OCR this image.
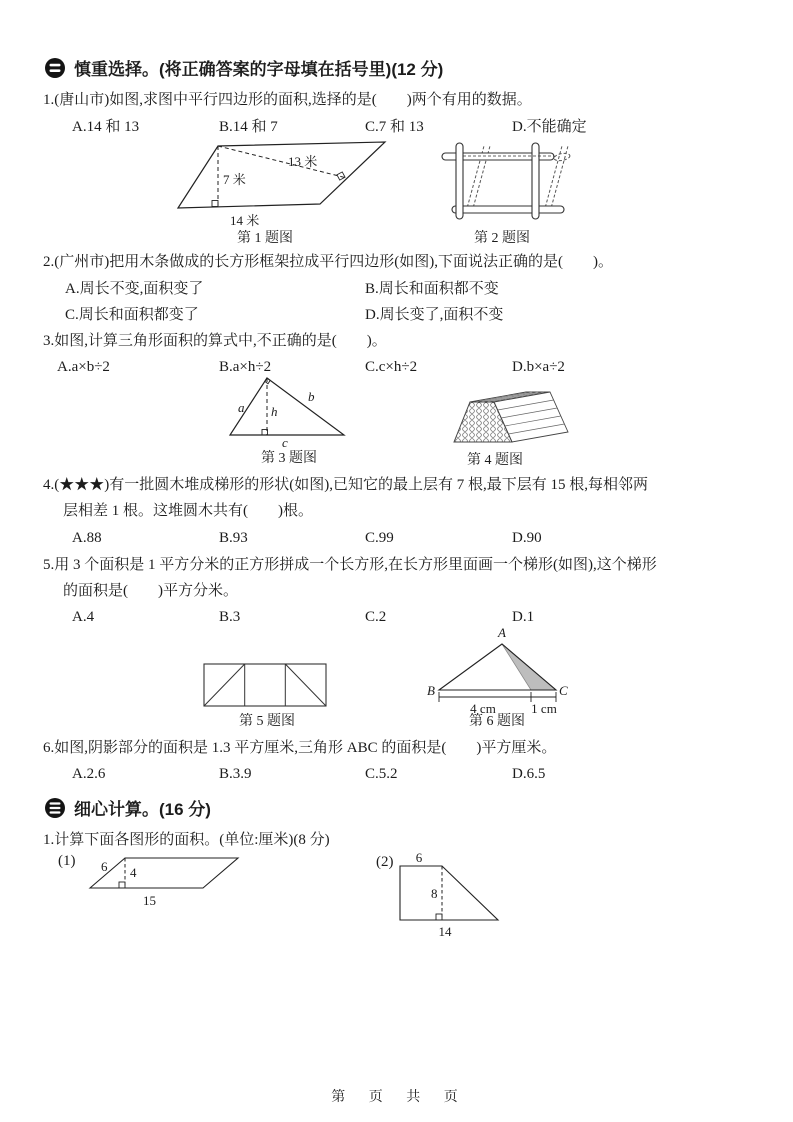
慎重选择。(将正确答案的字母填在括号里)(12 分)
1.(唐山市)如图,求图中平行四边形的面积,选择的是(　　)两个有用的数据。
A.14 和 13	B.14 和 7	C.7 和 13	D.不能确定
7 米
13 米
14 米
第 1 题图	第 2 题图
2.(广州市)把用木条做成的长方形框架拉成平行四边形(如图),下面说法正确的是(　　)。
A.周长不变,面积变了	B.周长和面积都不变
C.周长和面积都变了	D.周长变了,面积不变
3.如图,计算三角形面积的算式中,不正确的是(　　)。
A.a×b÷2	B.a×h÷2	C.c×h÷2	D.b×a÷2
a
b
h
c
第 3 题图	第 4 题图
4.(★★★)有一批圆木堆成梯形的形状(如图),已知它的最上层有 7 根,最下层有 15 根,每相邻两
层相差 1 根。这堆圆木共有(　　)根。
A.88	B.93	C.99	D.90
5.用 3 个面积是 1 平方分米的正方形拼成一个长方形,在长方形里面画一个梯形(如图),这个梯形
的面积是(　　)平方分米。
A.4	B.3	C.2	D.1
第 5 题图
A
B	C
4 cm	1 cm
第 6 题图
6.如图,阴影部分的面积是 1.3 平方厘米,三角形 ABC 的面积是(　　)平方厘米。
A.2.6	B.3.9	C.5.2	D.6.5
细心计算。(16 分)
1.计算下面各图形的面积。(单位:厘米)(8 分)
(1) 6 4
15
(2) 6
8
14
第 页 共 页
